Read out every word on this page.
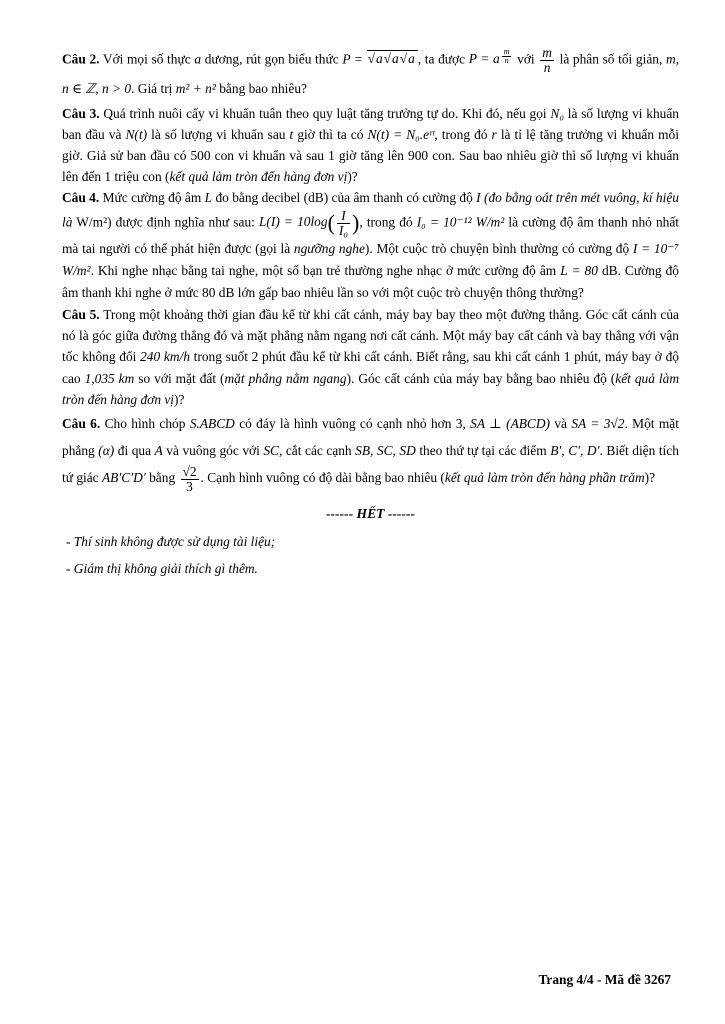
Câu 2. Với mọi số thực a dương, rút gọn biểu thức P = √ a √ a √ a , ta được P = a $^{\frac{m}{n}}$ với $\frac{m}{n}$ là phân số tối giản, m, n ∈ ℤ, n > 0. Giá trị m² + n² bằng bao nhiêu?

Câu 3. Quá trình nuôi cấy vi khuẩn tuân theo quy luật tăng trưởng tự do. Khi đó, nếu gọi N₀ là số lượng vi khuẩn ban đầu và N(t) là số lượng vi khuẩn sau t giờ thì ta có N(t) = N₀.eʳᵗ, trong đó r là tỉ lệ tăng trưởng vi khuẩn mỗi giờ. Giả sử ban đầu có 500 con vi khuẩn và sau 1 giờ tăng lên 900 con. Sau bao nhiêu giờ thì số lượng vi khuẩn lên đến 1 triệu con (kết quả làm tròn đến hàng đơn vị)?

Câu 4. Mức cường độ âm L đo bằng decibel (dB) của âm thanh có cường độ I (đo bằng oát trên mét vuông, kí hiệu là W/m²) được định nghĩa như sau: $L(I) = 10\log( \frac{I}{\text{I₀}}$ ), trong đó I₀ = 10⁻¹² W/m² là cường độ âm thanh nhỏ nhất mà tai người có thể phát hiện được (gọi là ngưỡng nghe). Một cuộc trò chuyện bình thường có cường độ I = 10⁻⁷ W/m². Khi nghe nhạc bằng tai nghe, một số bạn trẻ thường nghe nhạc ở mức cường độ âm L = 80 dB. Cường độ âm thanh khi nghe ở mức 80 dB lớn gấp bao nhiêu lần so với một cuộc trò chuyện thông thường?

Câu 5. Trong một khoảng thời gian đầu kể từ khi cất cánh, máy bay bay theo một đường thẳng. Góc cất cánh của nó là góc giữa đường thẳng đó và mặt phẳng nằm ngang nơi cất cánh. Một máy bay cất cánh và bay thẳng với vận tốc không đổi 240 km/h trong suốt 2 phút đầu kể từ khi cất cánh. Biết rằng, sau khi cất cánh 1 phút, máy bay ở độ cao 1,035 km so với mặt đất (mặt phẳng nằm ngang). Góc cất cánh của máy bay bằng bao nhiêu độ (kết quả làm tròn đến hàng đơn vị)?

Câu 6. Cho hình chóp S.ABCD có đáy là hình vuông có cạnh nhỏ hơn 3, SA ⊥ (ABCD) và SA = 3√2. Một mặt phẳng (α) đi qua A và vuông góc với SC, cắt các cạnh SB, SC, SD theo thứ tự tại các điểm B′, C′, D′. Biết diện tích tứ giác AB′C′D′ bằng $\frac{√2}{3}$ . Cạnh hình vuông có độ dài bằng bao nhiêu (kết quả làm tròn đến hàng phần trăm)?

------ HẾT ------
- Thí sinh không được sử dụng tài liệu;
- Giám thị không giải thích gì thêm.
Trang 4/4 - Mã đề 3267
